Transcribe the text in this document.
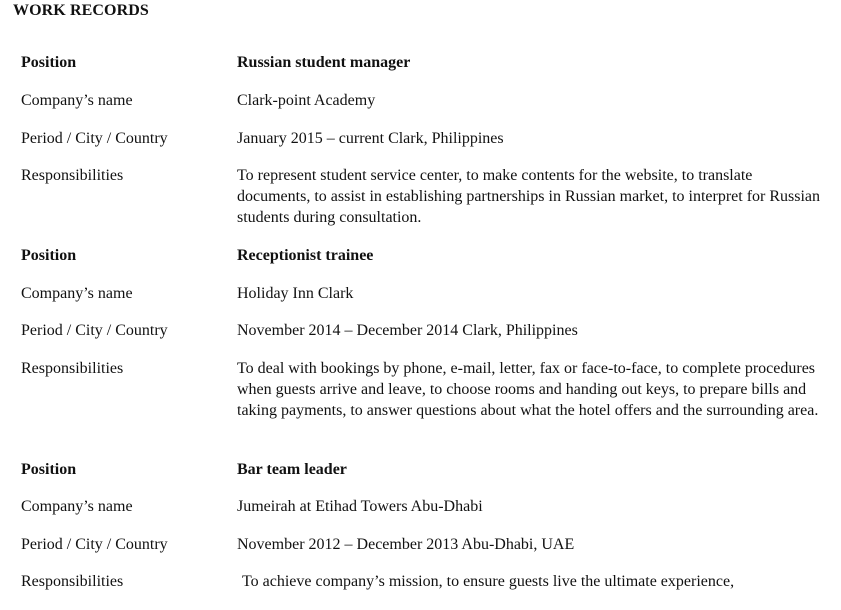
WORK RECORDS
Position	Russian student manager
Company’s name	Clark-point Academy
Period / City / Country	January 2015 – current Clark, Philippines
Responsibilities	To represent student service center, to make contents for the website, to translate documents, to assist in establishing partnerships in Russian market, to interpret for Russian students during consultation.
Position	Receptionist trainee
Company’s name	Holiday Inn Clark
Period / City / Country	November 2014 – December 2014 Clark, Philippines
Responsibilities	To deal with bookings by phone, e-mail, letter, fax or face-to-face, to complete procedures when guests arrive and leave, to choose rooms and handing out keys, to prepare bills and taking payments, to answer questions about what the hotel offers and the surrounding area.
Position	Bar team leader
Company’s name	Jumeirah at Etihad Towers Abu-Dhabi
Period / City / Country	November 2012 – December 2013 Abu-Dhabi, UAE
Responsibilities	To achieve company’s mission, to ensure guests live the ultimate experience,
